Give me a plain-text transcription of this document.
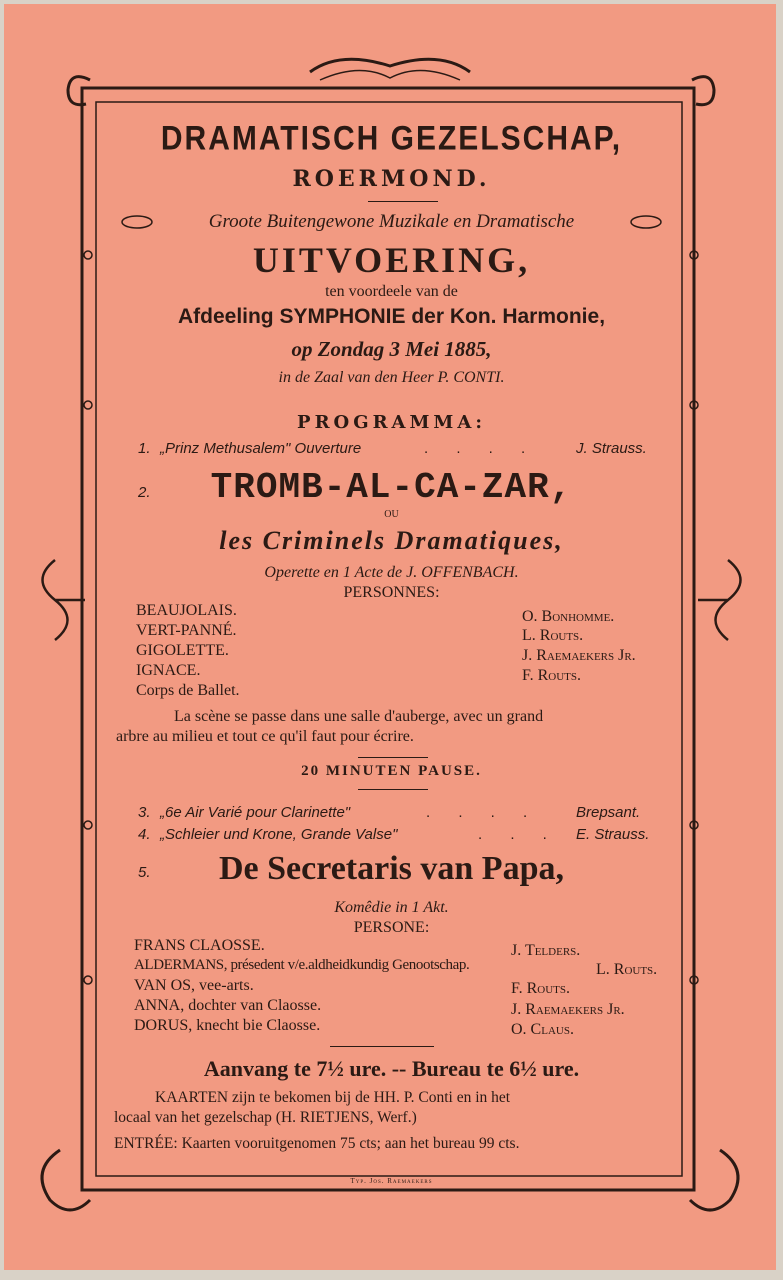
DRAMATISCH GEZELSCHAP,
ROERMOND.
Groote Buitengewone Muzikale en Dramatische
UITVOERING,
ten voordeele van de
Afdeeling SYMPHONIE der Kon. Harmonie,
op Zondag 3 Mei 1885,
in de Zaal van den Heer P. CONTI.
PROGRAMMA:
1. „Prinz Methusalem" Ouverture	. . . .	J. Strauss.
2.	TROMB-AL-CA-ZAR,
OU
les Criminels Dramatiques,
Operette en 1 Acte de J. OFFENBACH.
PERSONNES:
BEAUJOLAIS.	O. Bonhomme.
VERT-PANNÉ.	L. Routs.
GIGOLETTE.	J. Raemaekers Jr.
IGNACE.	F. Routs.
Corps de Ballet.
La scène se passe dans une salle d'auberge, avec un grand
arbre au milieu et tout ce qu'il faut pour écrire.
20 MINUTEN PAUSE.
3. „6e Air Varié pour Clarinette"	. . . . Brepsant.
4. „Schleier und Krone, Grande Valse"	. . . E. Strauss.
5.	De Secretaris van Papa,
Komêdie in 1 Akt.
PERSONE:
FRANS CLAOSSE.	J. Telders.
ALDERMANS, présedent v/e.aldheidkundig Genootschap.	L. Routs.
VAN OS, vee-arts.	F. Routs.
ANNA, dochter van Claosse.	J. Raemaekers Jr.
DORUS, knecht bie Claosse.	O. Claus.
Aanvang te 7½ ure. -- Bureau te 6½ ure.
KAARTEN zijn te bekomen bij de HH. P. Conti en in het
locaal van het gezelschap (H. RIETJENS, Werf.)
ENTRÉE: Kaarten vooruitgenomen 75 cts; aan het bureau 99 cts.
Typ. Jos. Raemaekers
